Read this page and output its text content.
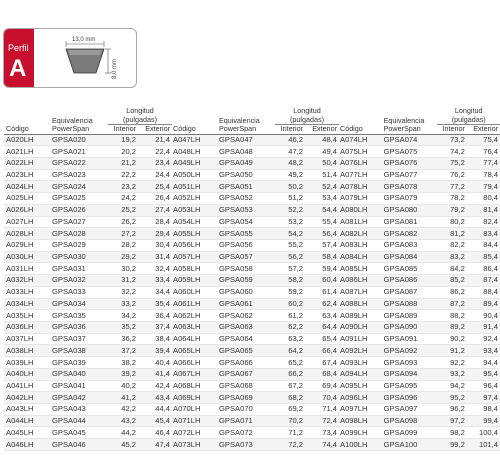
Perfil
A
13,0 mm
8,0 mm
Código	Equivalencia
PowerSpan	Longitud (pulgadas)	
		Interior	Exterior
A020LH	GPSA020	19,2	21,4
A021LH	GPSA021	20,2	22,4
A022LH	GPSA022	21,2	23,4
A023LH	GPSA023	22,2	24,4
A024LH	GPSA024	23,2	25,4
A025LH	GPSA025	24,2	26,4
A026LH	GPSA026	25,2	27,4
A027LH	GPSA027	26,2	28,4
A028LH	GPSA028	27,2	29,4
A029LH	GPSA029	28,2	30,4
A030LH	GPSA030	29,2	31,4
A031LH	GPSA031	30,2	32,4
A032LH	GPSA032	31,2	33,4
A033LH	GPSA033	32,2	34,4
A034LH	GPSA034	33,2	35,4
A035LH	GPSA035	34,2	36,4
A036LH	GPSA036	35,2	37,4
A037LH	GPSA037	36,2	38,4
A038LH	GPSA038	37,2	39,4
A039LH	GPSA039	38,2	40,4
A040LH	GPSA040	39,2	41,4
A041LH	GPSA041	40,2	42,4
A042LH	GPSA042	41,2	43,4
A043LH	GPSA043	42,2	44,4
A044LH	GPSA044	43,2	45,4
A045LH	GPSA045	44,2	46,4
A046LH	GPSA046	45,2	47,4
Código	Equivalencia
PowerSpan	Longitud (pulgadas)	
		Interior	Exterior
A047LH	GPSA047	46,2	48,4
A048LH	GPSA048	47,2	49,4
A049LH	GPSA049	48,2	50,4
A050LH	GPSA050	49,2	51,4
A051LH	GPSA051	50,2	52,4
A052LH	GPSA052	51,2	53,4
A053LH	GPSA053	52,2	54,4
A054LH	GPSA054	53,2	55,4
A055LH	GPSA055	54,2	56,4
A056LH	GPSA056	55,2	57,4
A057LH	GPSA057	56,2	58,4
A058LH	GPSA058	57,2	59,4
A059LH	GPSA059	58,2	60,4
A060LH	GPSA060	59,2	61,4
A061LH	GPSA061	60,2	62,4
A062LH	GPSA062	61,2	63,4
A063LH	GPSA063	62,2	64,4
A064LH	GPSA064	63,2	65,4
A065LH	GPSA065	64,2	66,4
A066LH	GPSA066	65,2	67,4
A067LH	GPSA067	66,2	68,4
A068LH	GPSA068	67,2	69,4
A069LH	GPSA069	68,2	70,4
A070LH	GPSA070	69,2	71,4
A071LH	GPSA071	70,2	72,4
A072LH	GPSA072	71,2	73,4
A073LH	GPSA073	72,2	74,4
Código	Equivalencia
PowerSpan	Longitud (pulgadas)	
		Interior	Exterior
A074LH	GPSA074	73,2	75,4
A075LH	GPSA075	74,2	76,4
A076LH	GPSA076	75,2	77,4
A077LH	GPSA077	76,2	78,4
A078LH	GPSA078	77,2	79,4
A079LH	GPSA079	78,2	80,4
A080LH	GPSA080	79,2	81,4
A081LH	GPSA081	80,2	82,4
A082LH	GPSA082	81,2	83,4
A083LH	GPSA083	82,2	84,4
A084LH	GPSA084	83,2	85,4
A085LH	GPSA085	84,2	86,4
A086LH	GPSA086	85,2	87,4
A087LH	GPSA087	86,2	88,4
A088LH	GPSA088	87,2	89,4
A089LH	GPSA089	88,2	90,4
A090LH	GPSA090	89,2	91,4
A091LH	GPSA091	90,2	92,4
A092LH	GPSA092	91,2	93,4
A093LH	GPSA093	92,2	94,4
A094LH	GPSA094	93,2	95,4
A095LH	GPSA095	94,2	96,4
A096LH	GPSA096	95,2	97,4
A097LH	GPSA097	96,2	98,4
A098LH	GPSA098	97,2	99,4
A099LH	GPSA099	98,2	100,4
A100LH	GPSA100	99,2	101,4
